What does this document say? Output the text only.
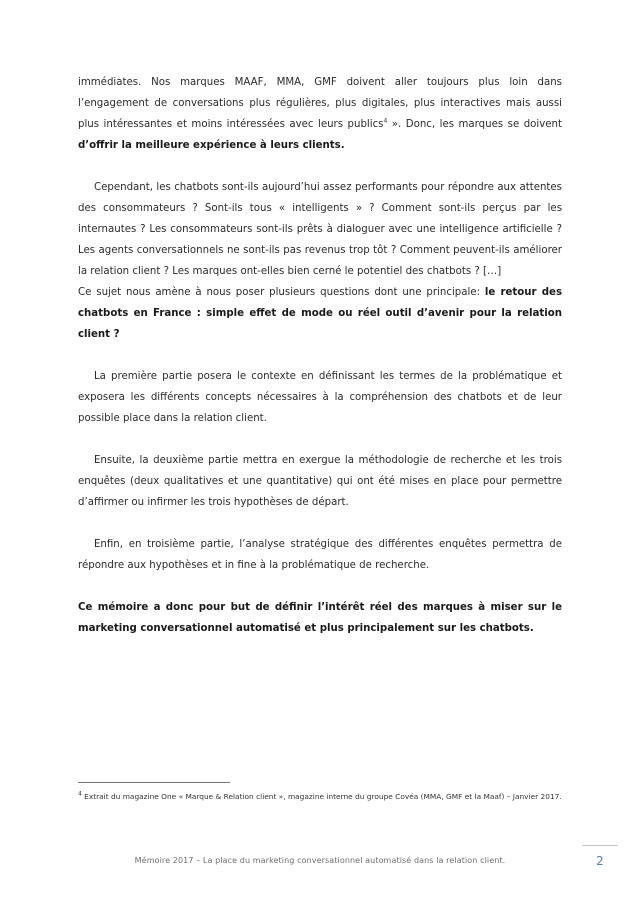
immédiates. Nos marques MAAF, MMA, GMF doivent aller toujours plus loin dans l’engagement de conversations plus régulières, plus digitales, plus interactives mais aussi plus intéressantes et moins intéressées avec leurs publics$^4$ ». Donc, les marques se doivent d’offrir la meilleure expérience à leurs clients.

Cependant, les chatbots sont-ils aujourd’hui assez performants pour répondre aux attentes des consommateurs ? Sont-ils tous « intelligents » ? Comment sont-ils perçus par les internautes ? Les consommateurs sont-ils prêts à dialoguer avec une intelligence artificielle ? Les agents conversationnels ne sont-ils pas revenus trop tôt ? Comment peuvent-ils améliorer la relation client ? Les marques ont-elles bien cerné le potentiel des chatbots ? […]

Ce sujet nous amène à nous poser plusieurs questions dont une principale: le retour des chatbots en France : simple effet de mode ou réel outil d’avenir pour la relation client ?

La première partie posera le contexte en définissant les termes de la problématique et exposera les différents concepts nécessaires à la compréhension des chatbots et de leur possible place dans la relation client.

Ensuite, la deuxième partie mettra en exergue la méthodologie de recherche et les trois enquêtes (deux qualitatives et une quantitative) qui ont été mises en place pour permettre d’affirmer ou infirmer les trois hypothèses de départ.

Enfin, en troisième partie, l’analyse stratégique des différentes enquêtes permettra de répondre aux hypothèses et in fine à la problématique de recherche.

Ce mémoire a donc pour but de définir l’intérêt réel des marques à miser sur le marketing conversationnel automatisé et plus principalement sur les chatbots.

$^4$ Extrait du magazine One « Marque & Relation client », magazine interne du groupe Covéa (MMA, GMF et la Maaf) – Janvier 2017.
Mémoire 2017 – La place du marketing conversationnel automatisé dans la relation client.	2
